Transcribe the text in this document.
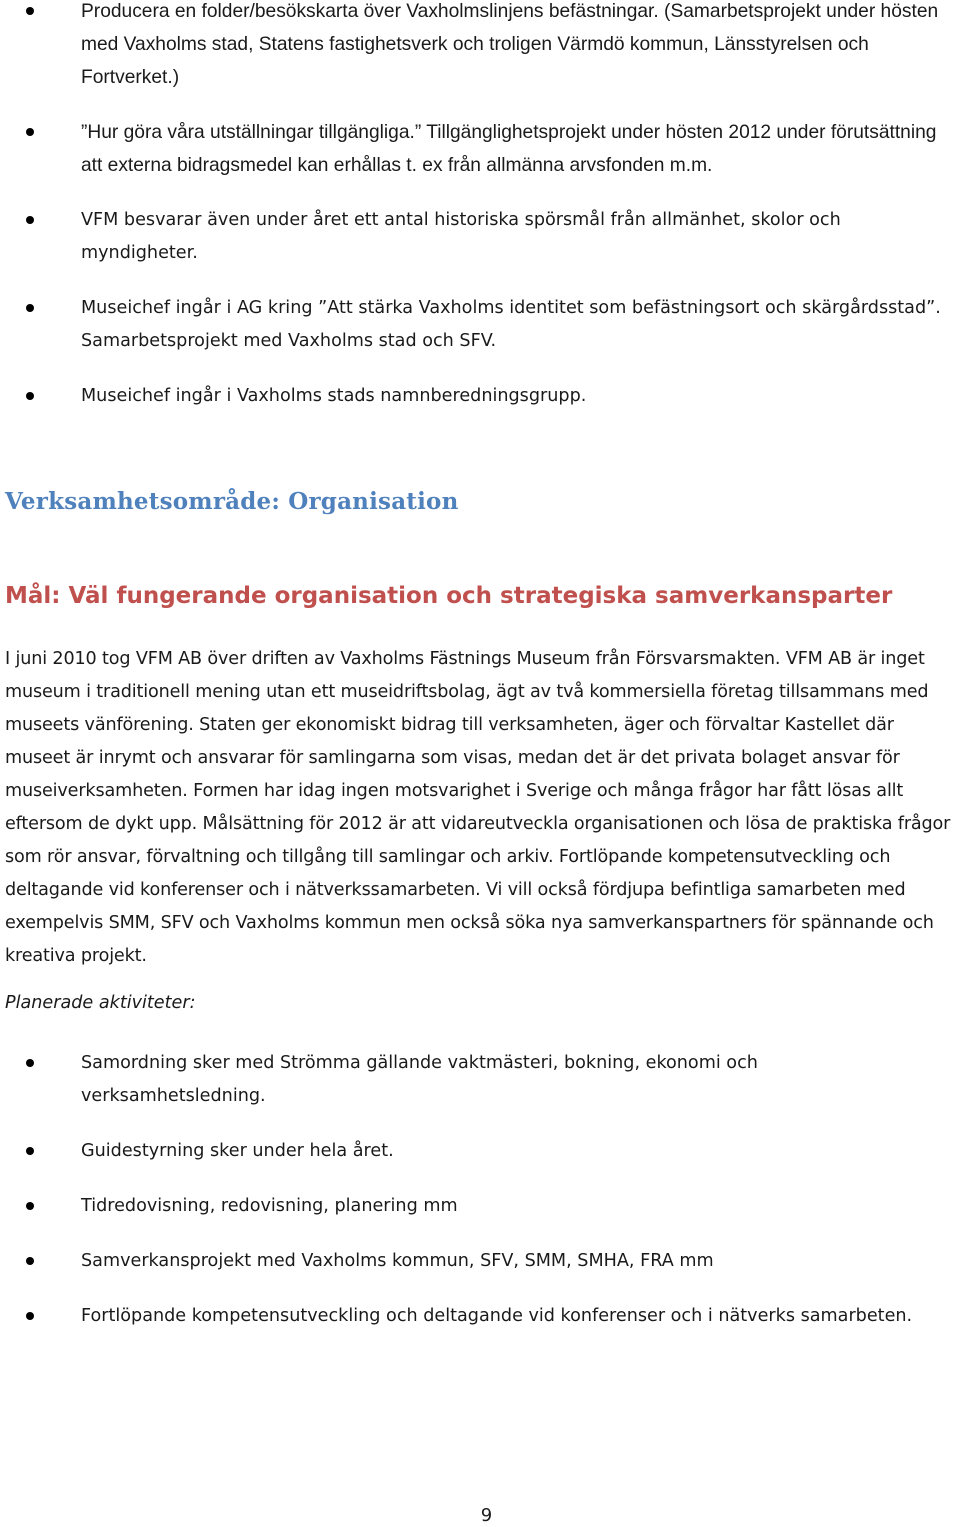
Producera en folder/besökskarta över Vaxholmslinjens befästningar. (Samarbetsprojekt under hösten med Vaxholms stad, Statens fastighetsverk och troligen Värmdö kommun, Länsstyrelsen och Fortverket.)
”Hur göra våra utställningar tillgängliga.” Tillgänglighetsprojekt under hösten 2012 under förutsättning att externa bidragsmedel kan erhållas t. ex från allmänna arvsfonden m.m.
VFM besvarar även under året ett antal historiska spörsmål från allmänhet, skolor och myndigheter.
Museichef ingår i AG kring ”Att stärka Vaxholms identitet som befästningsort och skärgårdsstad”. Samarbetsprojekt med Vaxholms stad och SFV.
Museichef ingår i Vaxholms stads namnberedningsgrupp.
Verksamhetsområde: Organisation
Mål: Väl fungerande organisation och strategiska samverkansparter

I juni 2010 tog VFM AB över driften av Vaxholms Fästnings Museum från Försvarsmakten. VFM AB är inget museum i traditionell mening utan ett museidriftsbolag, ägt av två kommersiella företag tillsammans med museets vänförening. Staten ger ekonomiskt bidrag till verksamheten, äger och förvaltar Kastellet där museet är inrymt och ansvarar för samlingarna som visas, medan det är det privata bolaget ansvar för museiverksamheten. Formen har idag ingen motsvarighet i Sverige och många frågor har fått lösas allt eftersom de dykt upp. Målsättning för 2012 är att vidareutveckla organisationen och lösa de praktiska frågor som rör ansvar, förvaltning och tillgång till samlingar och arkiv. Fortlöpande kompetensutveckling och deltagande vid konferenser och i nätverkssamarbeten. Vi vill också fördjupa befintliga samarbeten med exempelvis SMM, SFV och Vaxholms kommun men också söka nya samverkanspartners för spännande och kreativa projekt.

Planerade aktiviteter:

Samordning sker med Strömma gällande vaktmästeri, bokning, ekonomi och verksamhetsledning.
Guidestyrning sker under hela året.
Tidredovisning, redovisning, planering mm
Samverkansprojekt med Vaxholms kommun, SFV, SMM, SMHA, FRA mm
Fortlöpande kompetensutveckling och deltagande vid konferenser och i nätverks samarbeten.

9
